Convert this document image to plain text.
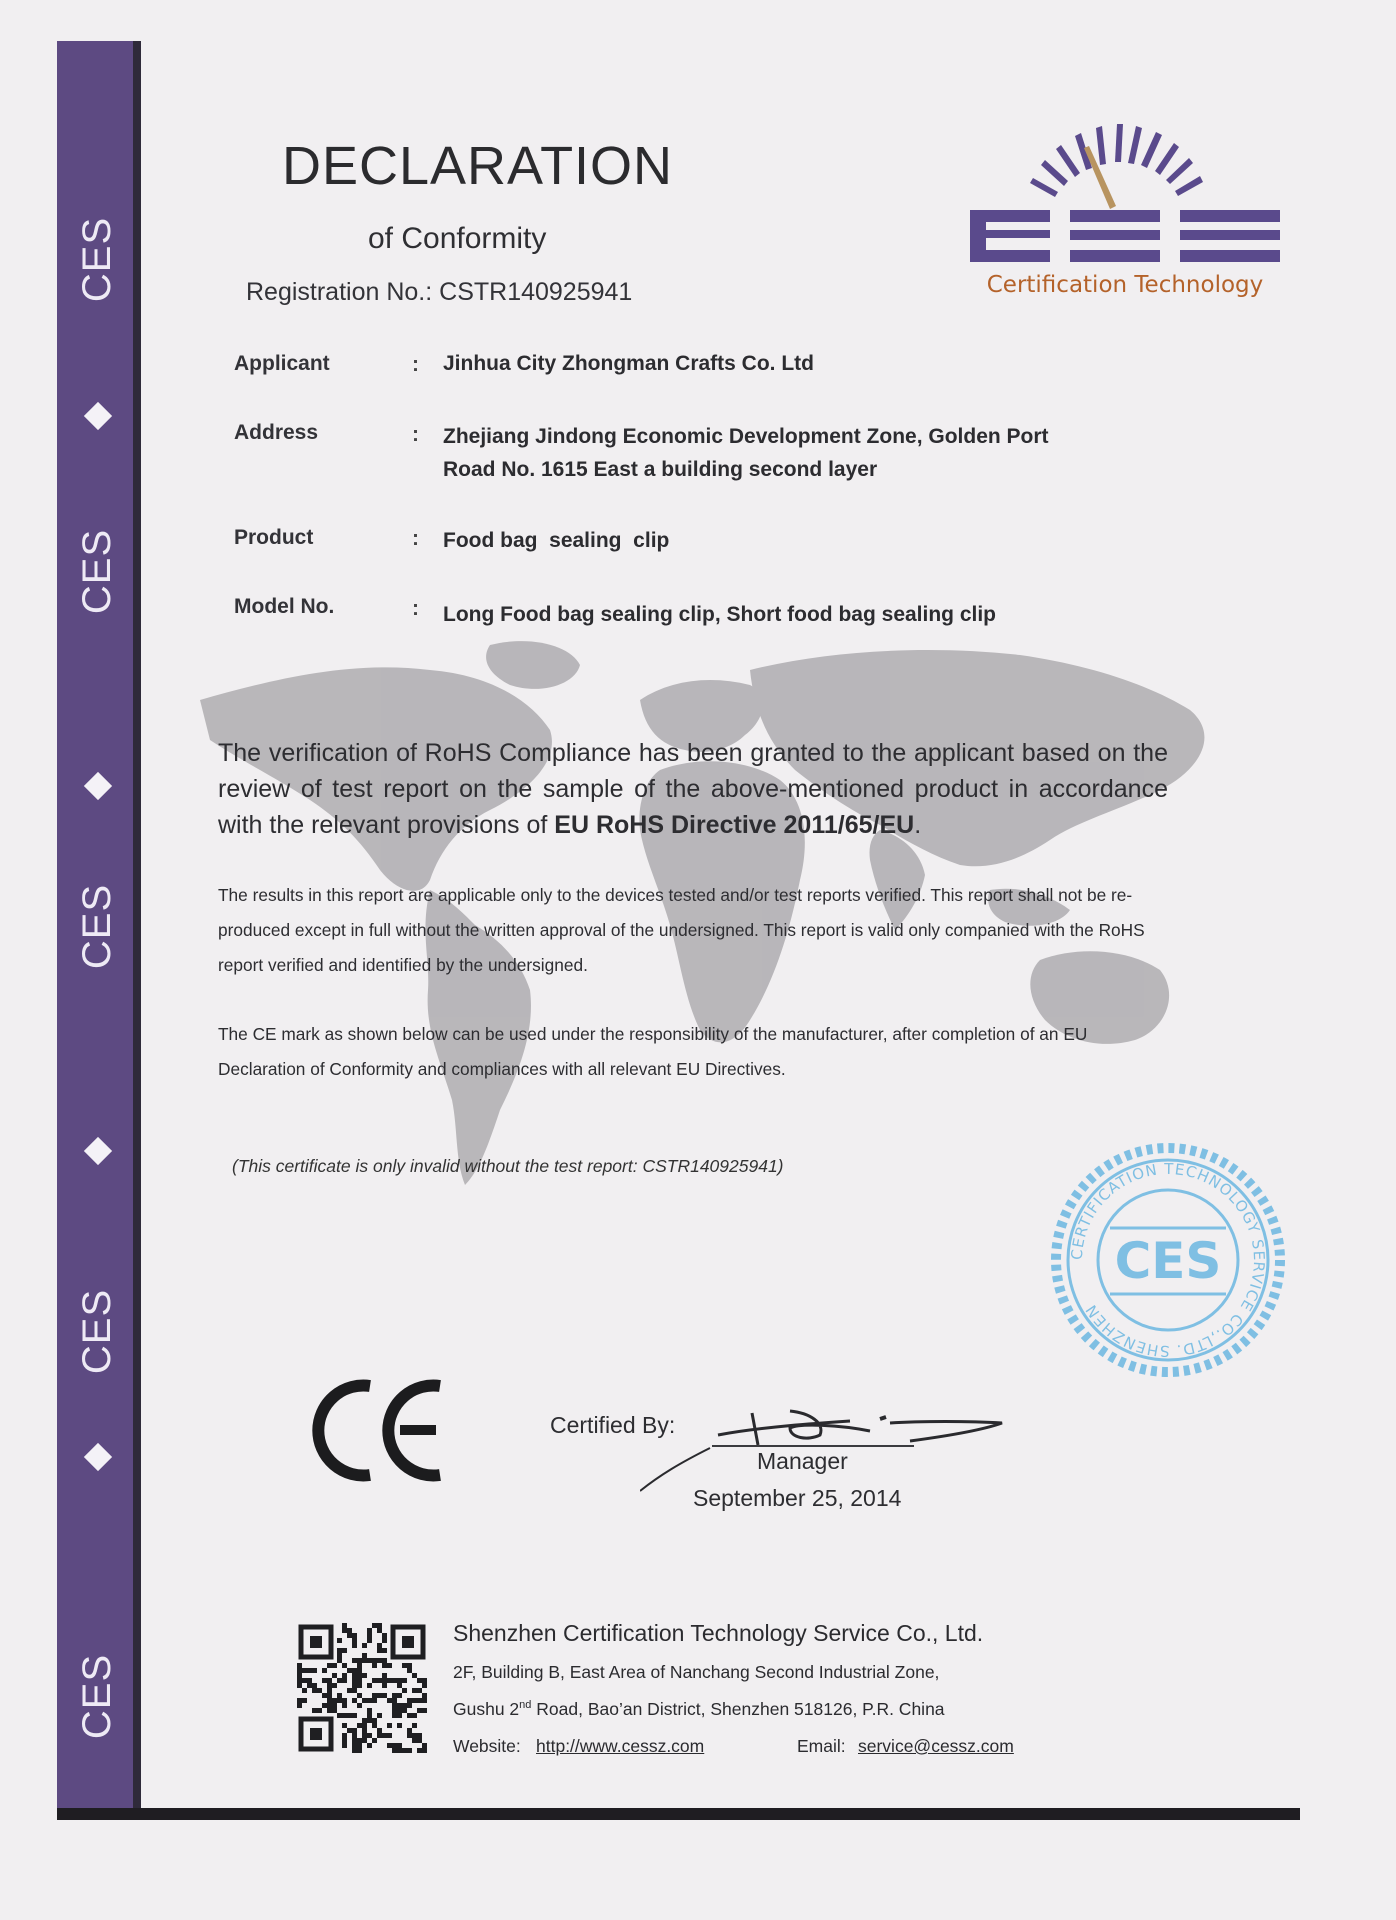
CES
CES
CES
CES
CES
DECLARATION
of Conformity
Registration No.: CSTR140925941	Certification Technology
Applicant	: Jinhua City Zhongman Crafts Co. Ltd
Address	: Zhejiang Jindong Economic Development Zone, Golden Port
Road No. 1615 East a building second layer
Product	: Food bag  sealing  clip
Model No.	: Long Food bag sealing clip, Short food bag sealing clip
The verification of RoHS Compliance has been granted to the applicant based on the review of test report on the sample of the above-mentioned product in accordance with the relevant provisions of EU RoHS Directive 2011/65/EU.
The results in this report are applicable only to the devices tested and/or test reports verified. This report shall not be re-produced except in full without the written approval of the undersigned. This report is valid only companied with the RoHS report verified and identified by the undersigned.
The CE mark as shown below can be used under the responsibility of the manufacturer, after completion of an EU Declaration of Conformity and compliances with all relevant EU Directives.
(This certificate is only invalid without the test report: CSTR140925941)
CERTIFICATION TECHNOLOGY SERVICE CO.,LTD. SHENZHEN
CES
Certified By:
Manager
September 25, 2014
Shenzhen Certification Technology Service Co., Ltd.
2F, Building B, East Area of Nanchang Second Industrial Zone,
Gushu 2nd Road, Bao’an District, Shenzhen 518126, P.R. China
Website: http://www.cessz.com	Email: service@cessz.com
